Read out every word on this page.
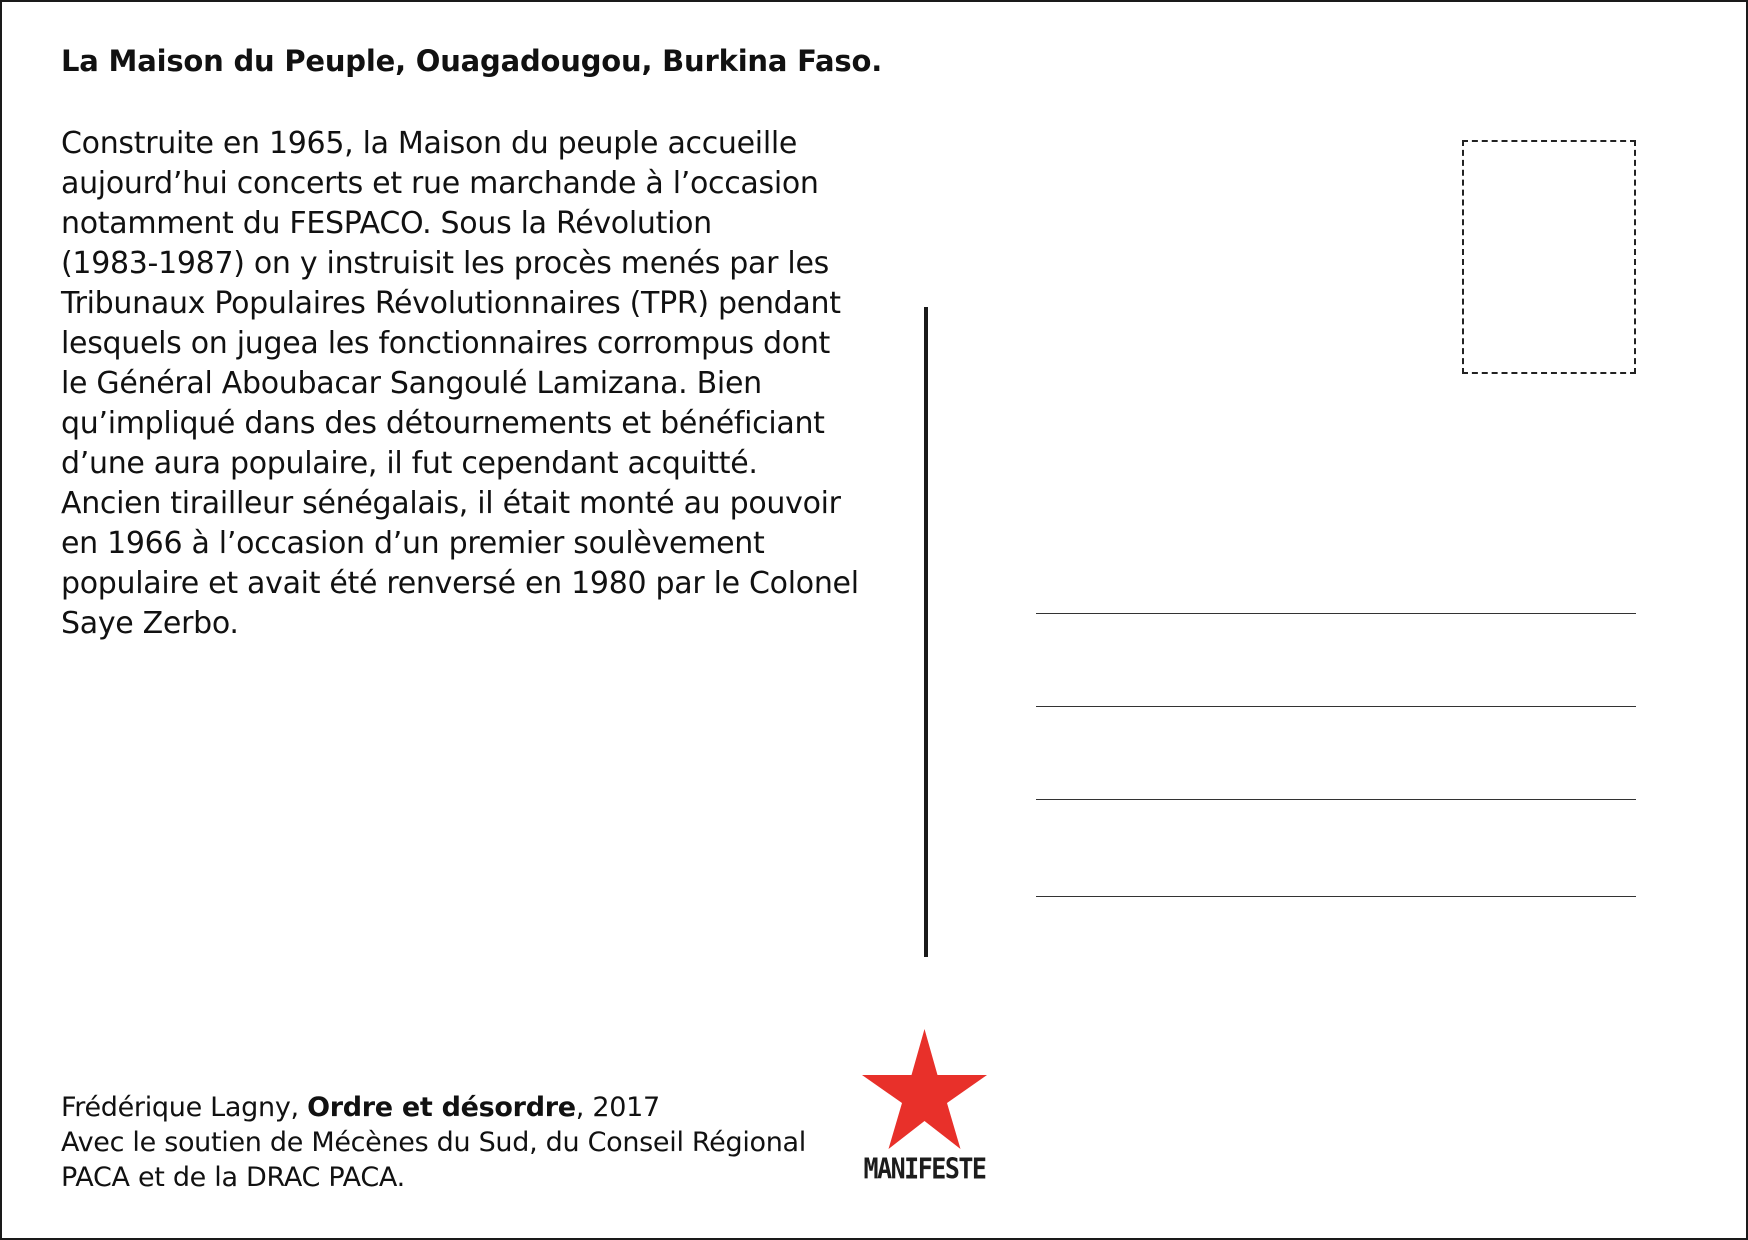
La Maison du Peuple, Ouagadougou, Burkina Faso.
Construite en 1965, la Maison du peuple accueille
aujourd’hui concerts et rue marchande à l’occasion
notamment du FESPACO. Sous la Révolution
(1983-1987) on y instruisit les procès menés par les
Tribunaux Populaires Révolutionnaires (TPR) pendant
lesquels on jugea les fonctionnaires corrompus dont
le Général Aboubacar Sangoulé Lamizana. Bien
qu’impliqué dans des détournements et bénéficiant
d’une aura populaire, il fut cependant acquitté.
Ancien tirailleur sénégalais, il était monté au pouvoir
en 1966 à l’occasion d’un premier soulèvement
populaire et avait été renversé en 1980 par le Colonel
Saye Zerbo.
Frédérique Lagny, Ordre et désordre, 2017
Avec le soutien de Mécènes du Sud, du Conseil Régional
PACA et de la DRAC PACA.	MANIFESTE
